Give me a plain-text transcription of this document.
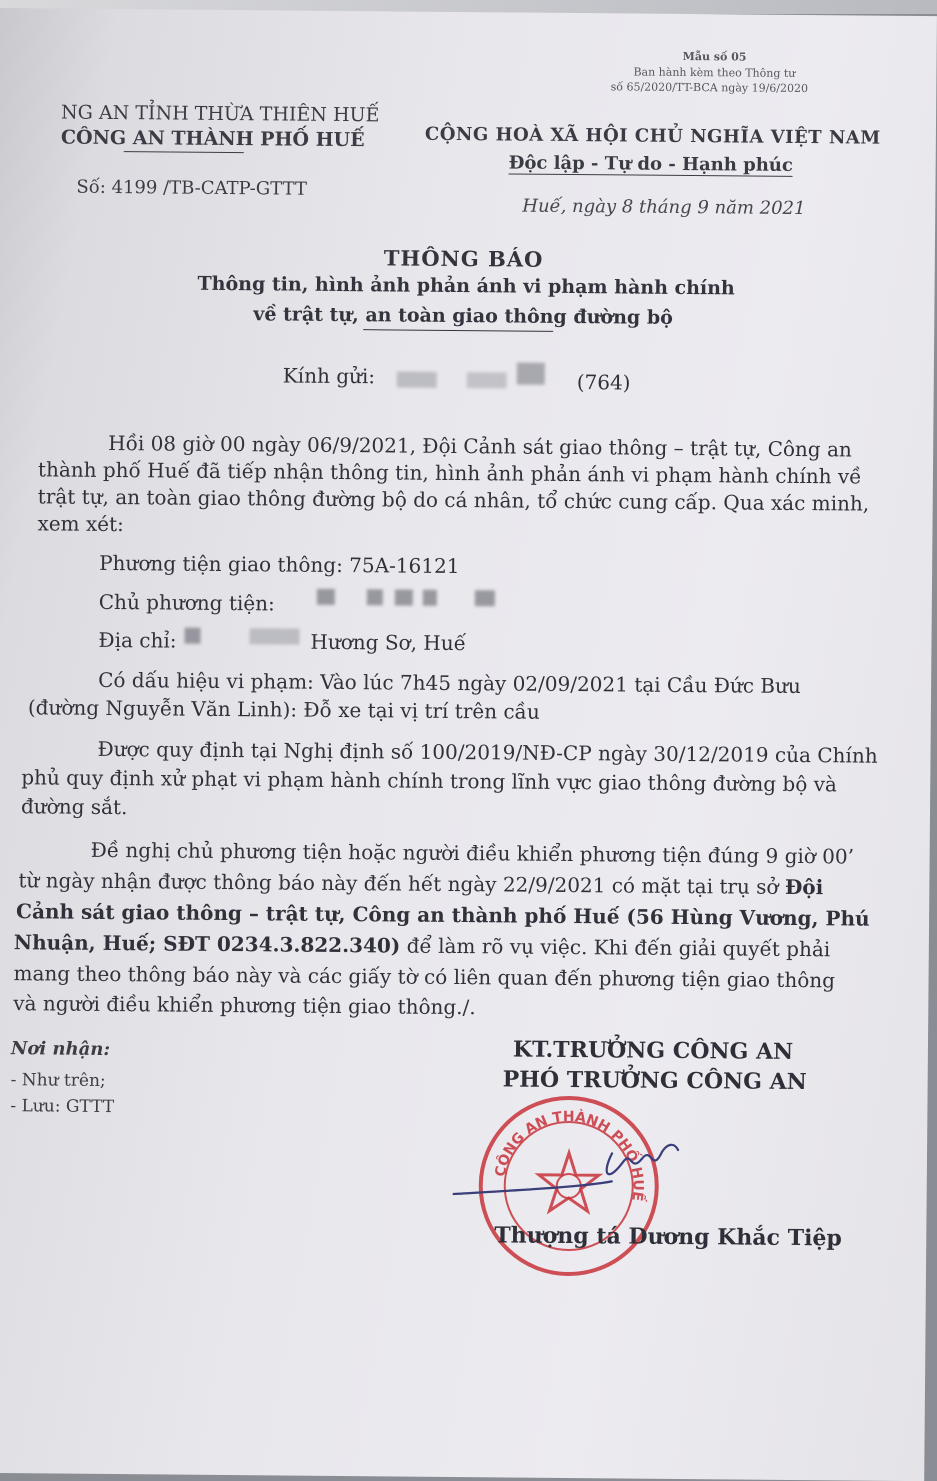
Mẫu số 05
Ban hành kèm theo Thông tư
số 65/2020/TT-BCA ngày 19/6/2020
NG AN TỈNH THỪA THIÊN HUẾ
CÔNG AN THÀNH PHỐ HUẾ
Số: 4199 /TB-CATP-GTTT
CỘNG HOÀ XÃ HỘI CHỦ NGHĨA VIỆT NAM
Độc lập - Tự do - Hạnh phúc
Huế, ngày 8 tháng 9 năm 2021
THÔNG BÁO
Thông tin, hình ảnh phản ánh vi phạm hành chính
về trật tự, an toàn giao thông đường bộ
Kính gửi:	(764)
Hồi 08 giờ 00 ngày 06/9/2021, Đội Cảnh sát giao thông – trật tự, Công an
thành phố Huế đã tiếp nhận thông tin, hình ảnh phản ánh vi phạm hành chính về
trật tự, an toàn giao thông đường bộ do cá nhân, tổ chức cung cấp. Qua xác minh,
xem xét:
Phương tiện giao thông: 75A-16121
Chủ phương tiện:
Địa chỉ:	Hương Sơ, Huế
Có dấu hiệu vi phạm: Vào lúc 7h45 ngày 02/09/2021 tại Cầu Đức Bưu
(đường Nguyễn Văn Linh): Đỗ xe tại vị trí trên cầu
Được quy định tại Nghị định số 100/2019/NĐ-CP ngày 30/12/2019 của Chính
phủ quy định xử phạt vi phạm hành chính trong lĩnh vực giao thông đường bộ và
đường sắt.
Đề nghị chủ phương tiện hoặc người điều khiển phương tiện đúng 9 giờ 00’
từ ngày nhận được thông báo này đến hết ngày 22/9/2021 có mặt tại trụ sở Đội
Cảnh sát giao thông – trật tự, Công an thành phố Huế (56 Hùng Vương, Phú
Nhuận, Huế; SĐT 0234.3.822.340) để làm rõ vụ việc. Khi đến giải quyết phải
mang theo thông báo này và các giấy tờ có liên quan đến phương tiện giao thông
và người điều khiển phương tiện giao thông./.
Nơi nhận:
- Như trên;
- Lưu: GTTT
KT.TRƯỞNG CÔNG AN
PHÓ TRƯỞNG CÔNG AN
CÔNG AN THÀNH PHỐ HUẾ
Thượng tá Dương Khắc Tiệp
